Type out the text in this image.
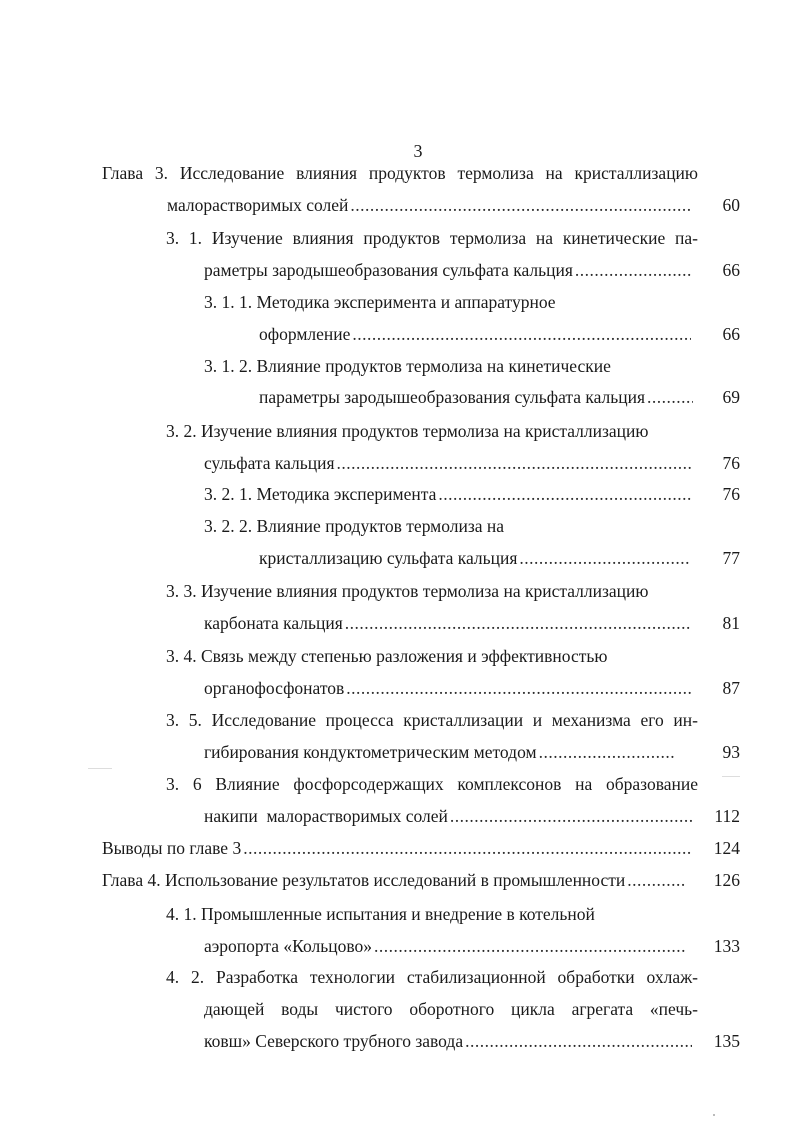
3
Глава 3. Исследование влияния продуктов термолиза на кристаллизацию
малорастворимых солей .....	60
3. 1. Изучение влияния продуктов термолиза на кинетические па-
раметры зародышеобразования сульфата кальция .....	66
3. 1. 1. Методика эксперимента и аппаратурное
оформление .....	66
3. 1. 2. Влияние продуктов термолиза на кинетические
параметры зародышеобразования сульфата кальция .....	69
3. 2. Изучение влияния продуктов термолиза на кристаллизацию
сульфата кальция .....	76
3. 2. 1. Методика эксперимента .....	76
3. 2. 2. Влияние продуктов термолиза на
кристаллизацию сульфата кальция .....	77
3. 3. Изучение влияния продуктов термолиза на кристаллизацию
карбоната кальция .....	81
3. 4. Связь между степенью разложения и эффективностью
органофосфонатов .....	87
3. 5. Исследование процесса кристаллизации и механизма его ин-
гибирования кондуктометрическим методом .....	93
3. 6 Влияние фосфорсодержащих комплексонов на образование
накипи  малорастворимых солей .....	112
Выводы по главе 3 .....	124
Глава 4. Использование результатов исследований в промышленности .....	126
4. 1. Промышленные испытания и внедрение в котельной
аэропорта «Кольцово» .....	133
4. 2. Разработка технологии стабилизационной обработки охлаж-
дающей воды чистого оборотного цикла агрегата «печь-
ковш» Северского трубного завода .....	135
